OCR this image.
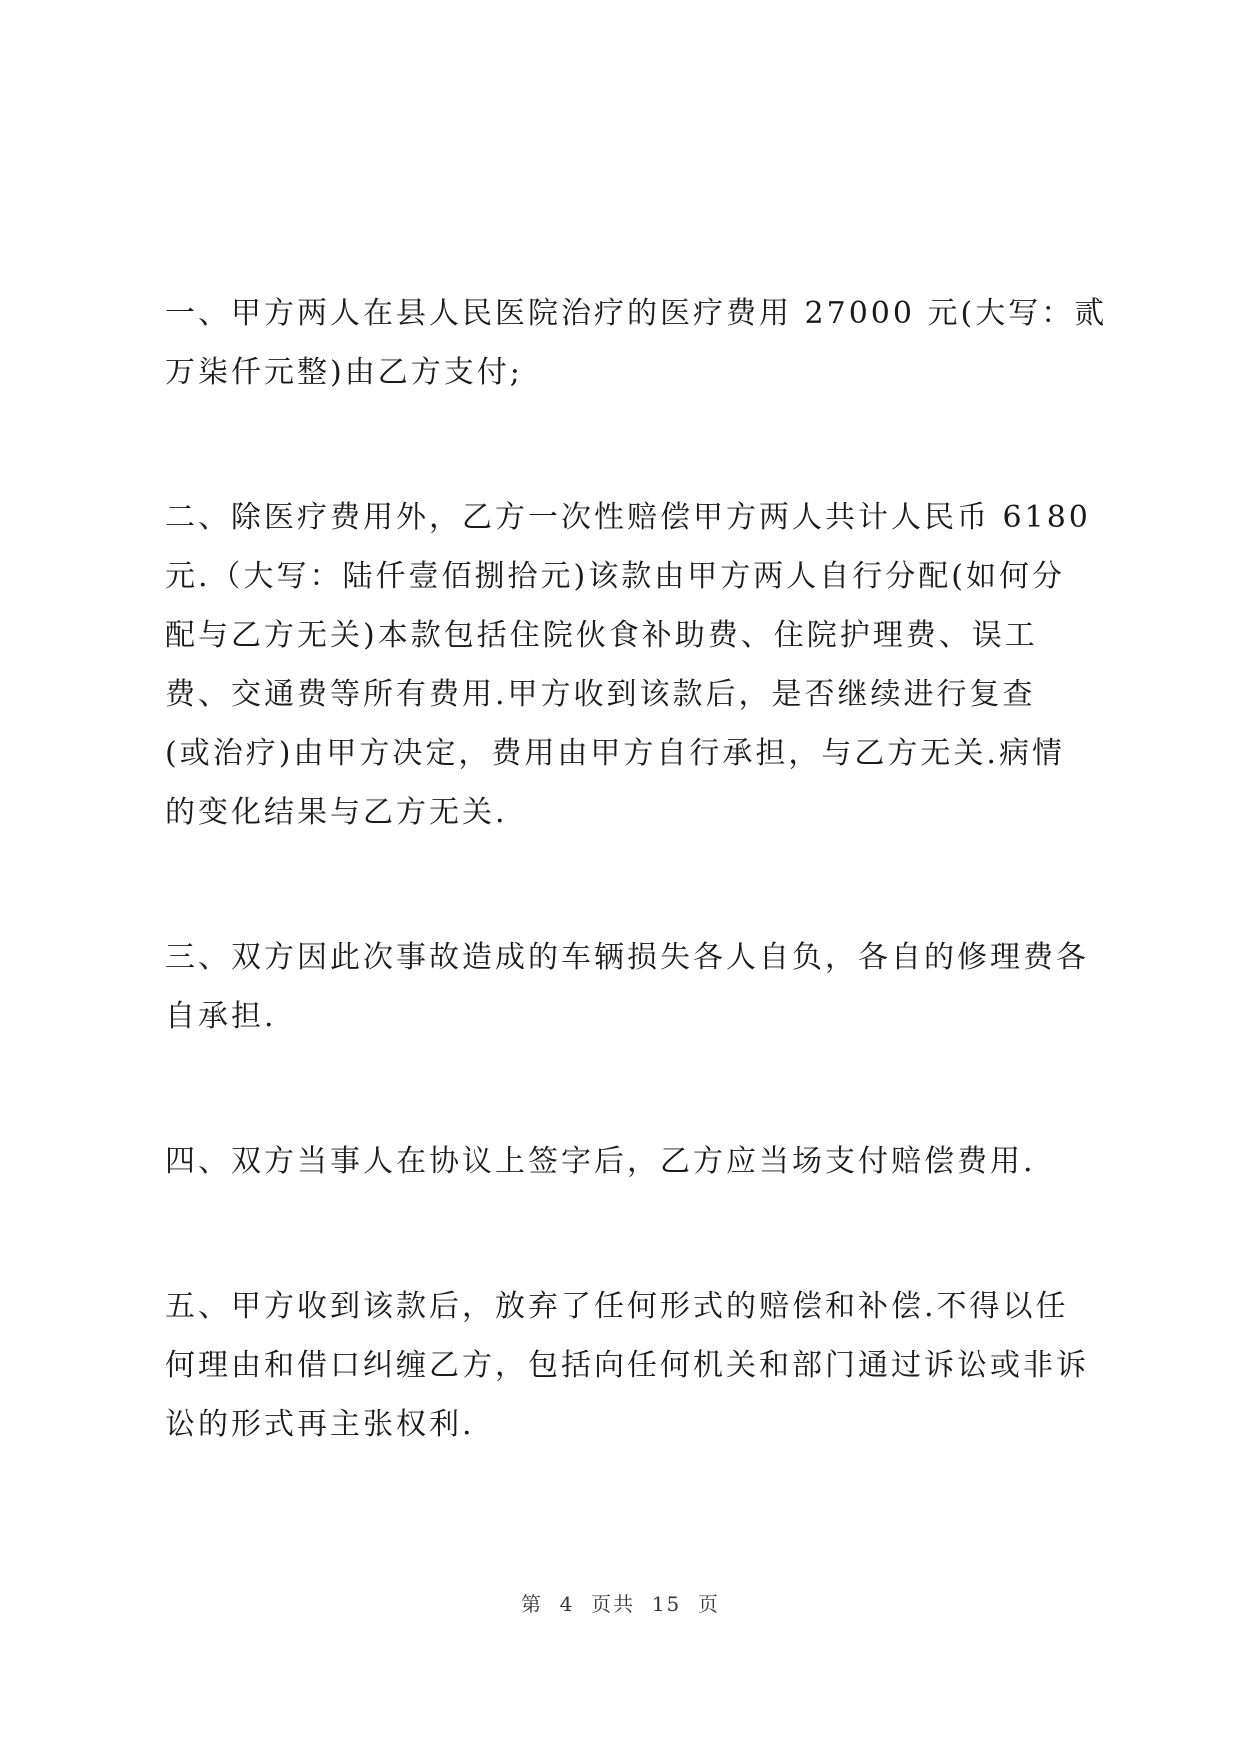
一、甲方两人在县人民医院治疗的医疗费用 27000 元(大写：贰
万柒仟元整)由乙方支付;

二、除医疗费用外，乙方一次性赔偿甲方两人共计人民币 6180
元.（大写：陆仟壹佰捌拾元)该款由甲方两人自行分配(如何分
配与乙方无关)本款包括住院伙食补助费、住院护理费、误工
费、交通费等所有费用.甲方收到该款后，是否继续进行复查
(或治疗)由甲方决定，费用由甲方自行承担，与乙方无关.病情
的变化结果与乙方无关.

三、双方因此次事故造成的车辆损失各人自负，各自的修理费各
自承担.

四、双方当事人在协议上签字后，乙方应当场支付赔偿费用.

五、甲方收到该款后，放弃了任何形式的赔偿和补偿.不得以任
何理由和借口纠缠乙方，包括向任何机关和部门通过诉讼或非诉
讼的形式再主张权利.

第  4  页共  15  页
